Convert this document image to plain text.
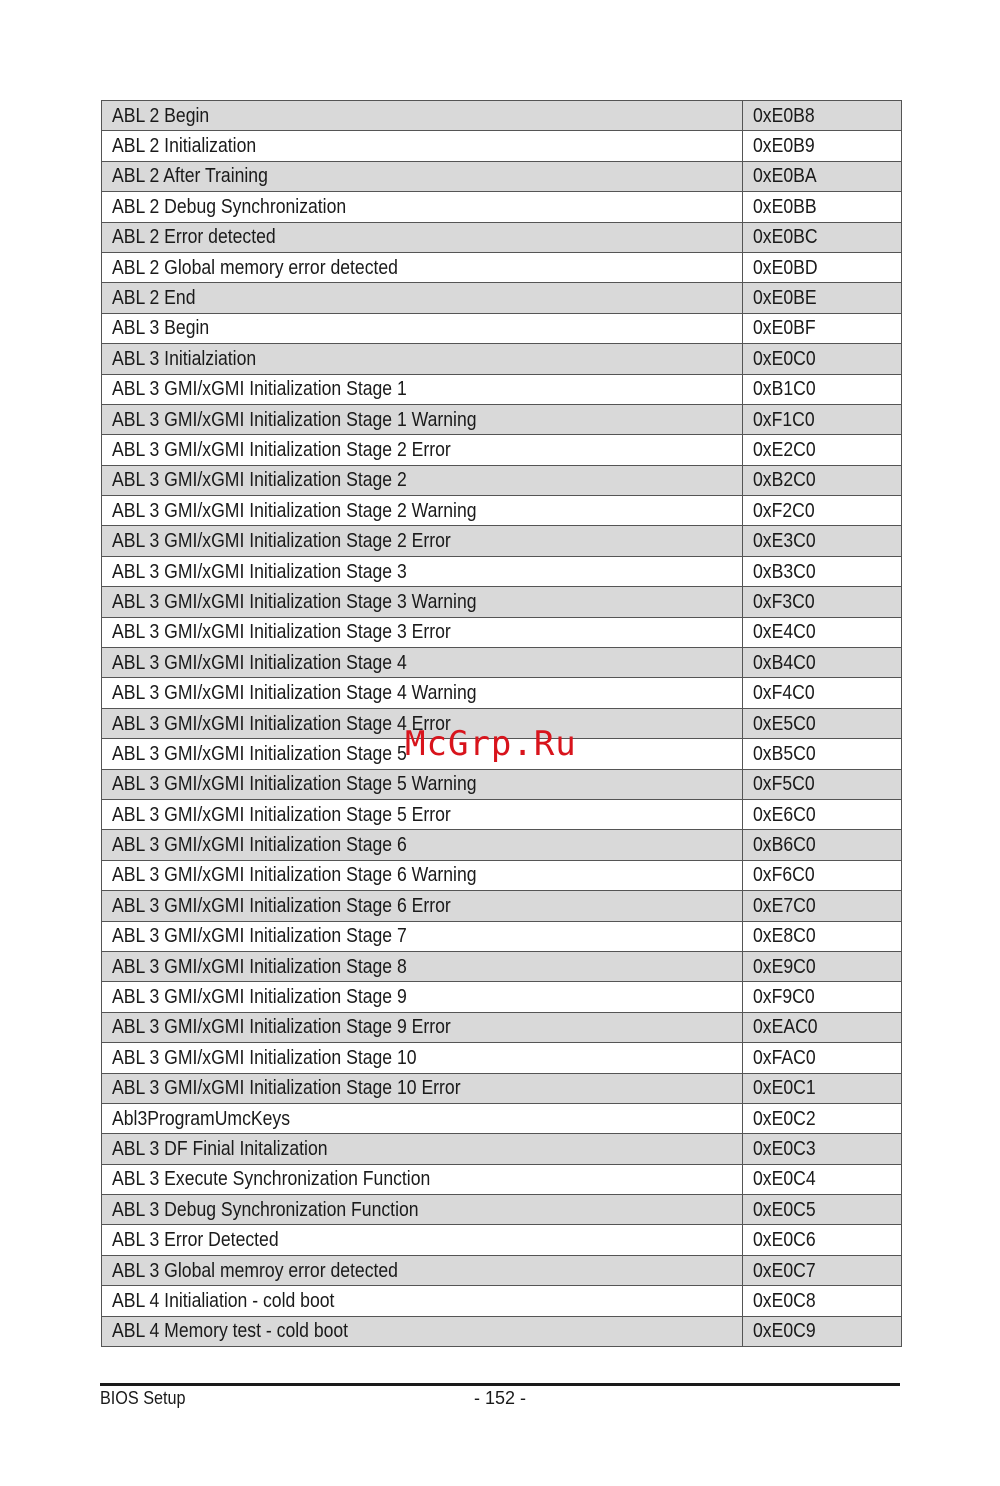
ABL 2 Begin	0xE0B8
ABL 2 Initialization	0xE0B9
ABL 2 After Training	0xE0BA
ABL 2 Debug Synchronization	0xE0BB
ABL 2 Error detected	0xE0BC
ABL 2 Global memory error detected	0xE0BD
ABL 2 End	0xE0BE
ABL 3 Begin	0xE0BF
ABL 3 Initialziation	0xE0C0
ABL 3 GMI/xGMI Initialization Stage 1	0xB1C0
ABL 3 GMI/xGMI Initialization Stage 1 Warning	0xF1C0
ABL 3 GMI/xGMI Initialization Stage 2 Error	0xE2C0
ABL 3 GMI/xGMI Initialization Stage 2	0xB2C0
ABL 3 GMI/xGMI Initialization Stage 2 Warning	0xF2C0
ABL 3 GMI/xGMI Initialization Stage 2 Error	0xE3C0
ABL 3 GMI/xGMI Initialization Stage 3	0xB3C0
ABL 3 GMI/xGMI Initialization Stage 3 Warning	0xF3C0
ABL 3 GMI/xGMI Initialization Stage 3 Error	0xE4C0
ABL 3 GMI/xGMI Initialization Stage 4	0xB4C0
ABL 3 GMI/xGMI Initialization Stage 4 Warning	0xF4C0
ABL 3 GMI/xGMI Initialization Stage 4 Error	0xE5C0
ABL 3 GMI/xGMI Initialization Stage 5	0xB5C0
ABL 3 GMI/xGMI Initialization Stage 5 Warning	0xF5C0
ABL 3 GMI/xGMI Initialization Stage 5 Error	0xE6C0
ABL 3 GMI/xGMI Initialization Stage 6	0xB6C0
ABL 3 GMI/xGMI Initialization Stage 6 Warning	0xF6C0
ABL 3 GMI/xGMI Initialization Stage 6 Error	0xE7C0
ABL 3 GMI/xGMI Initialization Stage 7	0xE8C0
ABL 3 GMI/xGMI Initialization Stage 8	0xE9C0
ABL 3 GMI/xGMI Initialization Stage 9	0xF9C0
ABL 3 GMI/xGMI Initialization Stage 9 Error	0xEAC0
ABL 3 GMI/xGMI Initialization Stage 10	0xFAC0
ABL 3 GMI/xGMI Initialization Stage 10 Error	0xE0C1
Abl3ProgramUmcKeys	0xE0C2
ABL 3 DF Finial Initalization	0xE0C3
ABL 3 Execute Synchronization Function	0xE0C4
ABL 3 Debug Synchronization Function	0xE0C5
ABL 3 Error Detected	0xE0C6
ABL 3 Global memroy error detected	0xE0C7
ABL 4 Initialiation - cold boot	0xE0C8
ABL 4 Memory test - cold boot	0xE0C9
McGrp.Ru
BIOS Setup	- 152 -
